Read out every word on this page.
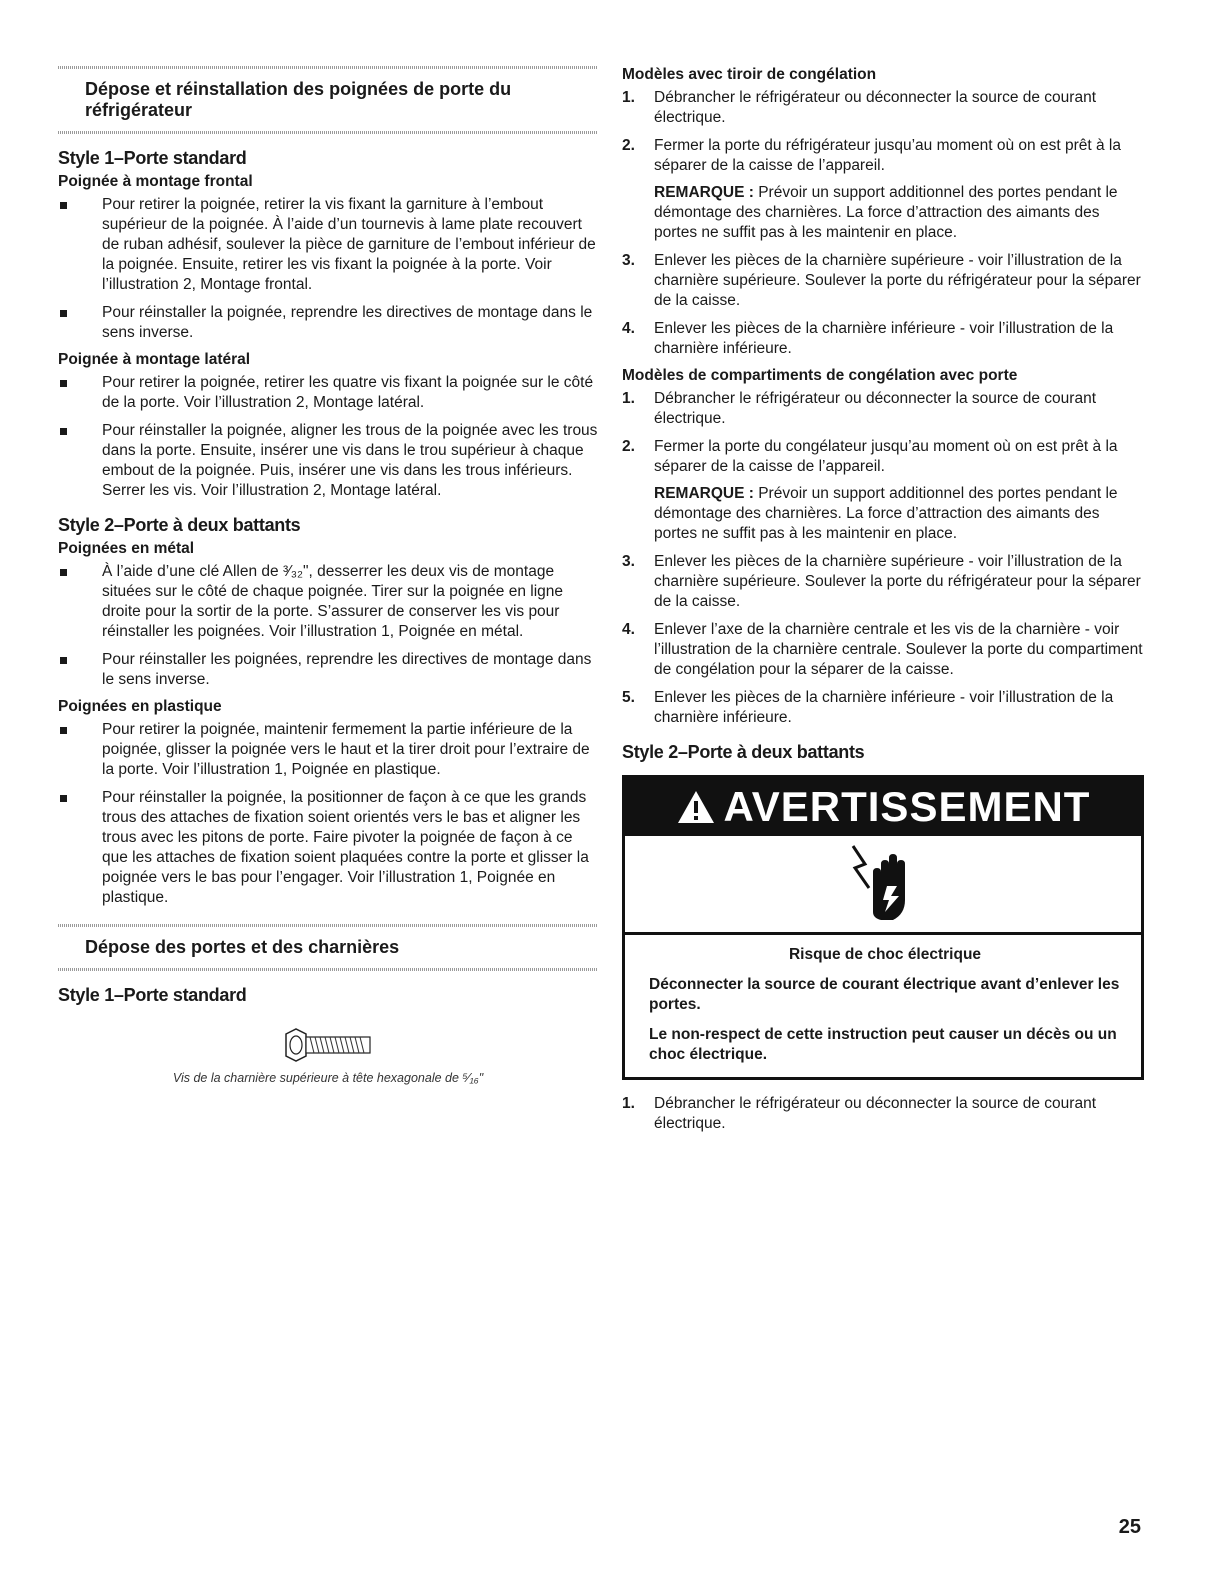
Dépose et réinstallation des poignées de porte du réfrigérateur
Style 1–Porte standard
Poignée à montage frontal
Pour retirer la poignée, retirer la vis fixant la garniture à l’embout supérieur de la poignée. À l’aide d’un tournevis à lame plate recouvert de ruban adhésif, soulever la pièce de garniture de l’embout inférieur de la poignée. Ensuite, retirer les vis fixant la poignée à la porte. Voir l’illustration 2, Montage frontal.
Pour réinstaller la poignée, reprendre les directives de montage dans le sens inverse.
Poignée à montage latéral
Pour retirer la poignée, retirer les quatre vis fixant la poignée sur le côté de la porte. Voir l’illustration 2, Montage latéral.
Pour réinstaller la poignée, aligner les trous de la poignée avec les trous dans la porte. Ensuite, insérer une vis dans le trou supérieur à chaque embout de la poignée. Puis, insérer une vis dans les trous inférieurs. Serrer les vis. Voir l’illustration 2, Montage latéral.
Style 2–Porte à deux battants
Poignées en métal
À l’aide d’une clé Allen de ³⁄₃₂", desserrer les deux vis de montage situées sur le côté de chaque poignée. Tirer sur la poignée en ligne droite pour la sortir de la porte. S’assurer de conserver les vis pour réinstaller les poignées. Voir l’illustration 1, Poignée en métal.
Pour réinstaller les poignées, reprendre les directives de montage dans le sens inverse.
Poignées en plastique
Pour retirer la poignée, maintenir fermement la partie inférieure de la poignée, glisser la poignée vers le haut et la tirer droit pour l’extraire de la porte. Voir l’illustration 1, Poignée en plastique.
Pour réinstaller la poignée, la positionner de façon à ce que les grands trous des attaches de fixation soient orientés vers le bas et aligner les trous avec les pitons de porte. Faire pivoter la poignée de façon à ce que les attaches de fixation soient plaquées contre la porte et glisser la poignée vers le bas pour l’engager. Voir l’illustration 1, Poignée en plastique.
Dépose des portes et des charnières
Style 1–Porte standard
Vis de la charnière supérieure à tête hexagonale de ⁵⁄₁₆"
Modèles avec tiroir de congélation
1. Débrancher le réfrigérateur ou déconnecter la source de courant électrique.
2. Fermer la porte du réfrigérateur jusqu’au moment où on est prêt à la séparer de la caisse de l’appareil.

REMARQUE : Prévoir un support additionnel des portes pendant le démontage des charnières. La force d’attraction des aimants des portes ne suffit pas à les maintenir en place.

3. Enlever les pièces de la charnière supérieure - voir l’illustration de la charnière supérieure. Soulever la porte du réfrigérateur pour la séparer de la caisse.
4. Enlever les pièces de la charnière inférieure - voir l’illustration de la charnière inférieure.
Modèles de compartiments de congélation avec porte
1. Débrancher le réfrigérateur ou déconnecter la source de courant électrique.
2. Fermer la porte du congélateur jusqu’au moment où on est prêt à la séparer de la caisse de l’appareil.

REMARQUE : Prévoir un support additionnel des portes pendant le démontage des charnières. La force d’attraction des aimants des portes ne suffit pas à les maintenir en place.

3. Enlever les pièces de la charnière supérieure - voir l’illustration de la charnière supérieure. Soulever la porte du réfrigérateur pour la séparer de la caisse.
4. Enlever l’axe de la charnière centrale et les vis de la charnière - voir l’illustration de la charnière centrale. Soulever la porte du compartiment de congélation pour la séparer de la caisse.
5. Enlever les pièces de la charnière inférieure - voir l’illustration de la charnière inférieure.
Style 2–Porte à deux battants
AVERTISSEMENT
Risque de choc électrique

Déconnecter la source de courant électrique avant d’enlever les portes.

Le non-respect de cette instruction peut causer un décès ou un choc électrique.

1. Débrancher le réfrigérateur ou déconnecter la source de courant électrique.
25
